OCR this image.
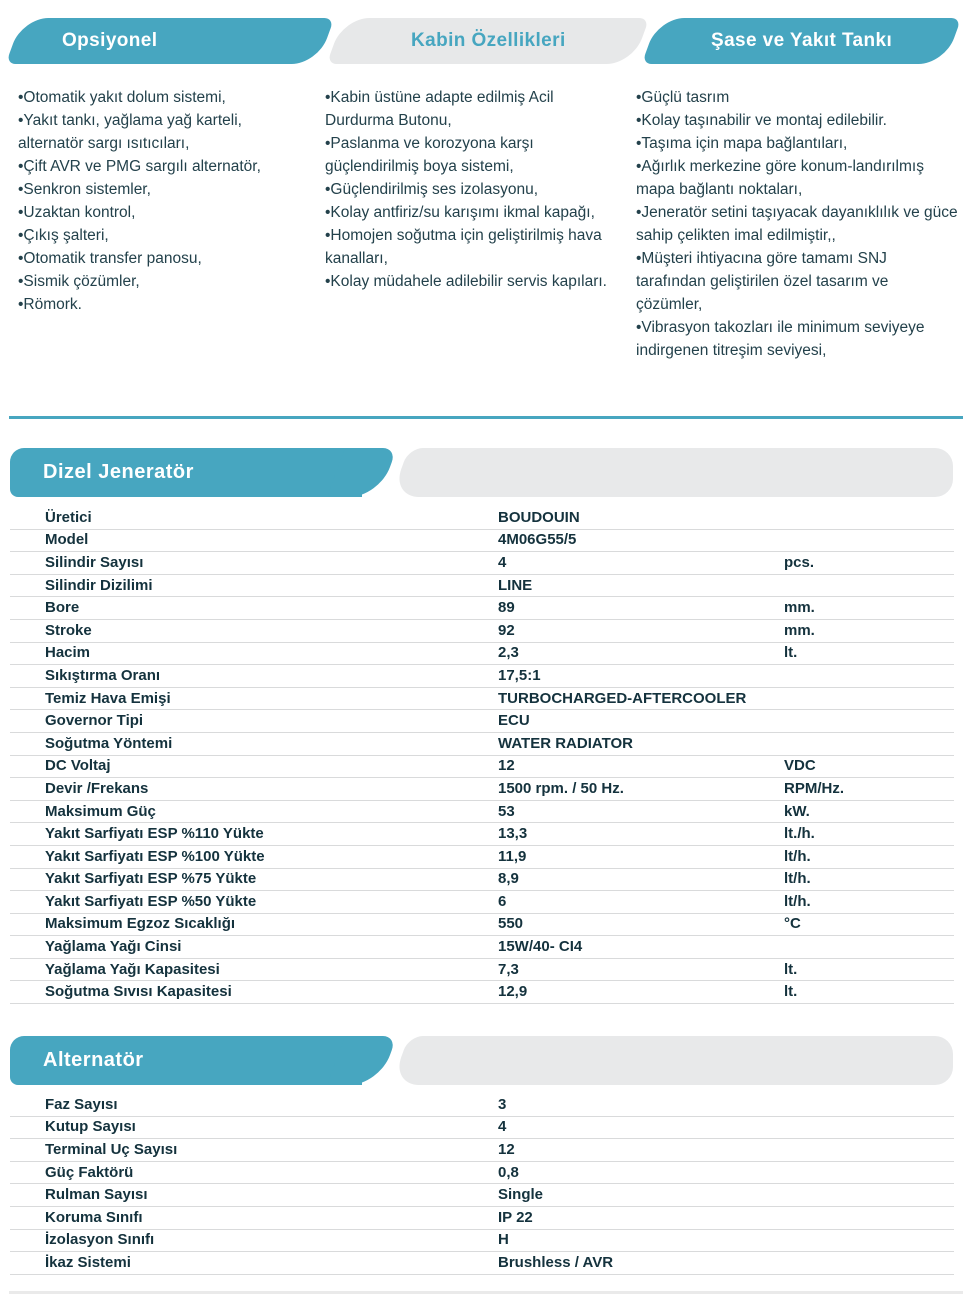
Opsiyonel	Kabin Özellikleri	Şase ve Yakıt Tankı
•Otomatik yakıt dolum sistemi,
•Yakıt tankı, yağlama yağ karteli, alternatör sargı ısıtıcıları,
•Çift AVR ve PMG sargılı alternatör,
•Senkron sistemler,
•Uzaktan kontrol,
•Çıkış şalteri,
•Otomatik transfer panosu,
•Sismik çözümler,
•Römork.
•Kabin üstüne adapte edilmiş Acil Durdurma Butonu,
•Paslanma ve korozyona karşı güçlendirilmiş boya sistemi,
•Güçlendirilmiş ses izolasyonu,
•Kolay antfiriz/su karışımı ikmal kapağı,
•Homojen soğutma için geliştirilmiş hava kanalları,
•Kolay müdahele adilebilir servis kapıları.
•Güçlü tasrım
•Kolay taşınabilir ve montaj edilebilir.
•Taşıma için mapa bağlantıları,
•Ağırlık merkezine göre konum-landırılmış mapa bağlantı noktaları,
•Jeneratör setini taşıyacak dayanıklılık ve güce sahip çelikten imal edilmiştir,,
•Müşteri ihtiyacına göre tamamı SNJ tarafından geliştirilen özel tasarım ve çözümler,
•Vibrasyon takozları ile minimum seviyeye indirgenen titreşim seviyesi,
Dizel Jeneratör
Üretici	BOUDOUIN
Model	4M06G55/5
Silindir Sayısı	4	pcs.
Silindir Dizilimi	LINE
Bore	89	mm.
Stroke	92	mm.
Hacim	2,3	lt.
Sıkıştırma Oranı	17,5:1
Temiz Hava Emişi	TURBOCHARGED-AFTERCOOLER
Governor Tipi	ECU
Soğutma Yöntemi	WATER RADIATOR
DC Voltaj	12	VDC
Devir /Frekans	1500 rpm. / 50 Hz.	RPM/Hz.
Maksimum Güç	53	kW.
Yakıt Sarfiyatı ESP %110 Yükte	13,3	lt./h.
Yakıt Sarfiyatı ESP %100 Yükte	11,9	lt/h.
Yakıt Sarfiyatı ESP %75 Yükte	8,9	lt/h.
Yakıt Sarfiyatı ESP %50 Yükte	6	lt/h.
Maksimum Egzoz Sıcaklığı	550	°C
Yağlama Yağı Cinsi	15W/40- CI4
Yağlama Yağı Kapasitesi	7,3	lt.
Soğutma Sıvısı Kapasitesi	12,9	lt.
Alternatör
Faz Sayısı	3
Kutup Sayısı	4
Terminal Uç Sayısı	12
Güç Faktörü	0,8
Rulman Sayısı	Single
Koruma Sınıfı	IP 22
İzolasyon Sınıfı	H
İkaz Sistemi	Brushless / AVR
